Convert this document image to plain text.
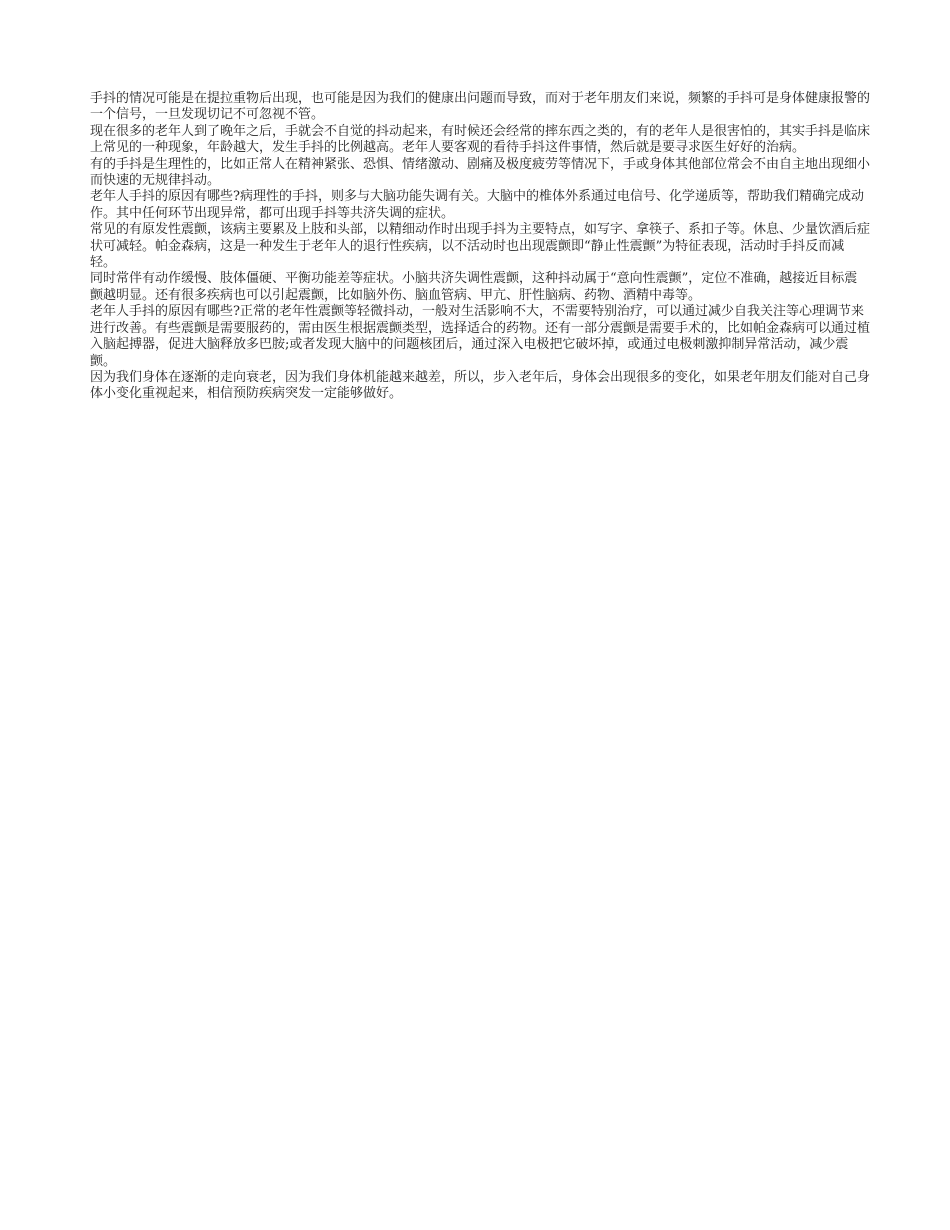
手抖的情况可能是在提拉重物后出现，也可能是因为我们的健康出问题而导致，而对于老年朋友们来说，频繁的手抖可是身体健康报警的一个信号，一旦发现切记不可忽视不管。

现在很多的老年人到了晚年之后，手就会不自觉的抖动起来，有时候还会经常的摔东西之类的，有的老年人是很害怕的，其实手抖是临床上常见的一种现象，年龄越大，发生手抖的比例越高。老年人要客观的看待手抖这件事情，然后就是要寻求医生好好的治病。

有的手抖是生理性的，比如正常人在精神紧张、恐惧、情绪激动、剧痛及极度疲劳等情况下，手或身体其他部位常会不由自主地出现细小而快速的无规律抖动。

老年人手抖的原因有哪些?病理性的手抖，则多与大脑功能失调有关。大脑中的椎体外系通过电信号、化学递质等，帮助我们精确完成动作。其中任何环节出现异常，都可出现手抖等共济失调的症状。

常见的有原发性震颤，该病主要累及上肢和头部，以精细动作时出现手抖为主要特点，如写字、拿筷子、系扣子等。休息、少量饮酒后症状可减轻。帕金森病，这是一种发生于老年人的退行性疾病，以不活动时也出现震颤即“静止性震颤”为特征表现，活动时手抖反而减轻。

同时常伴有动作缓慢、肢体僵硬、平衡功能差等症状。小脑共济失调性震颤，这种抖动属于“意向性震颤”，定位不准确，越接近目标震颤越明显。还有很多疾病也可以引起震颤，比如脑外伤、脑血管病、甲亢、肝性脑病、药物、酒精中毒等。

老年人手抖的原因有哪些?正常的老年性震颤等轻微抖动，一般对生活影响不大，不需要特别治疗，可以通过减少自我关注等心理调节来进行改善。有些震颤是需要服药的，需由医生根据震颤类型，选择适合的药物。还有一部分震颤是需要手术的，比如帕金森病可以通过植入脑起搏器，促进大脑释放多巴胺;或者发现大脑中的问题核团后，通过深入电极把它破坏掉，或通过电极刺激抑制异常活动，减少震颤。

因为我们身体在逐渐的走向衰老，因为我们身体机能越来越差，所以，步入老年后，身体会出现很多的变化，如果老年朋友们能对自己身体小变化重视起来，相信预防疾病突发一定能够做好。
